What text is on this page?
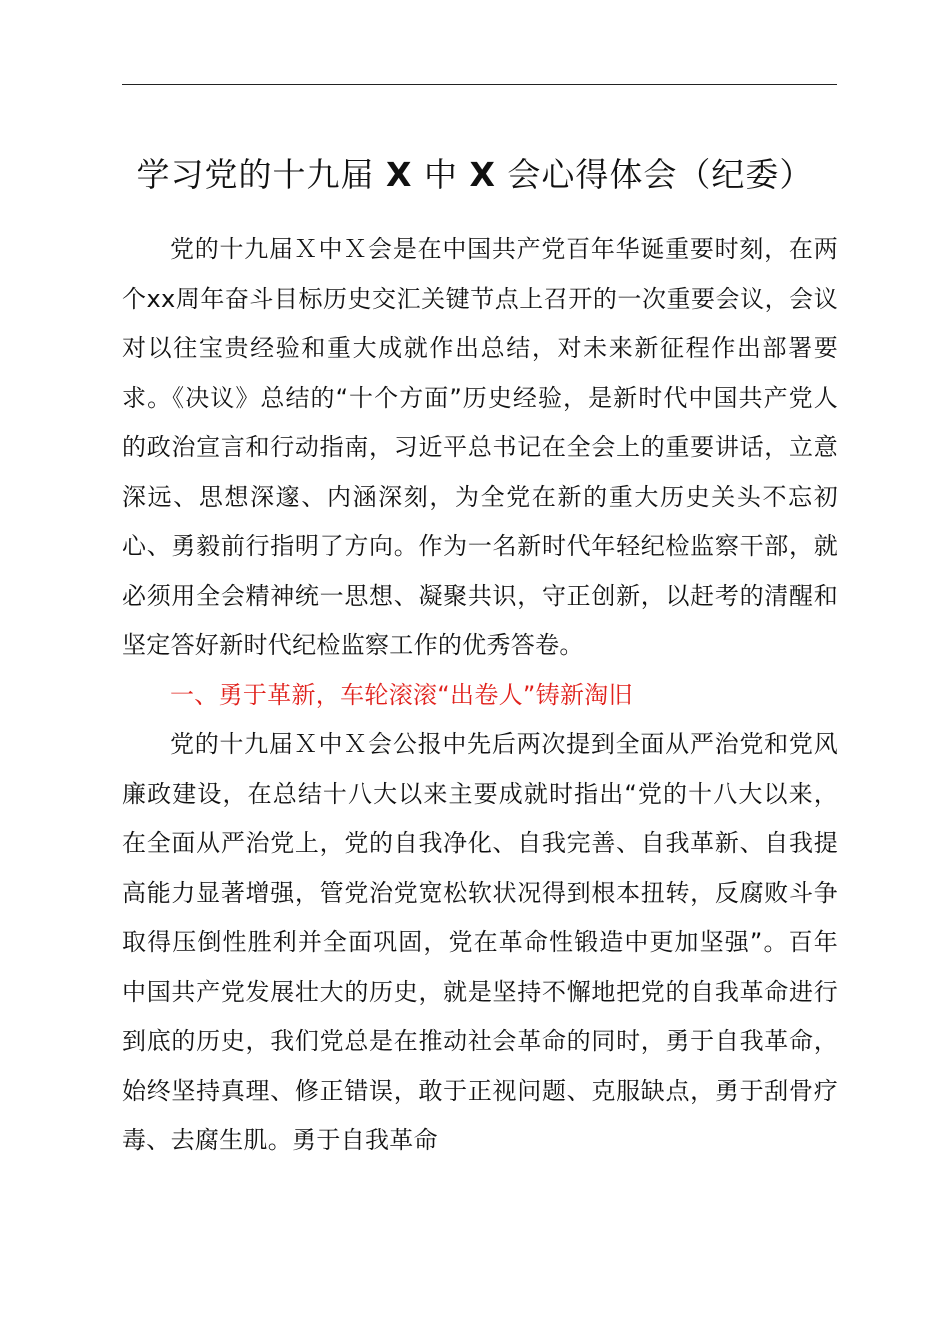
学习党的十九届 X 中 X 会心得体会（纪委）

党的十九届Ｘ中Ｘ会是在中国共产党百年华诞重要时刻，在两个xx周年奋斗目标历史交汇关键节点上召开的一次重要会议，会议对以往宝贵经验和重大成就作出总结，对未来新征程作出部署要求。《决议》总结的“十个方面”历史经验，是新时代中国共产党人的政治宣言和行动指南，习近平总书记在全会上的重要讲话，立意深远、思想深邃、内涵深刻，为全党在新的重大历史关头不忘初心、勇毅前行指明了方向。作为一名新时代年轻纪检监察干部，就必须用全会精神统一思想、凝聚共识，守正创新，以赶考的清醒和坚定答好新时代纪检监察工作的优秀答卷。

一、勇于革新，车轮滚滚“出卷人”铸新淘旧

党的十九届Ｘ中Ｘ会公报中先后两次提到全面从严治党和党风廉政建设，在总结十八大以来主要成就时指出“党的十八大以来，在全面从严治党上，党的自我净化、自我完善、自我革新、自我提高能力显著增强，管党治党宽松软状况得到根本扭转，反腐败斗争取得压倒性胜利并全面巩固，党在革命性锻造中更加坚强”。百年中国共产党发展壮大的历史，就是坚持不懈地把党的自我革命进行到底的历史，我们党总是在推动社会革命的同时，勇于自我革命，始终坚持真理、修正错误，敢于正视问题、克服缺点，勇于刮骨疗毒、去腐生肌。勇于自我革命
